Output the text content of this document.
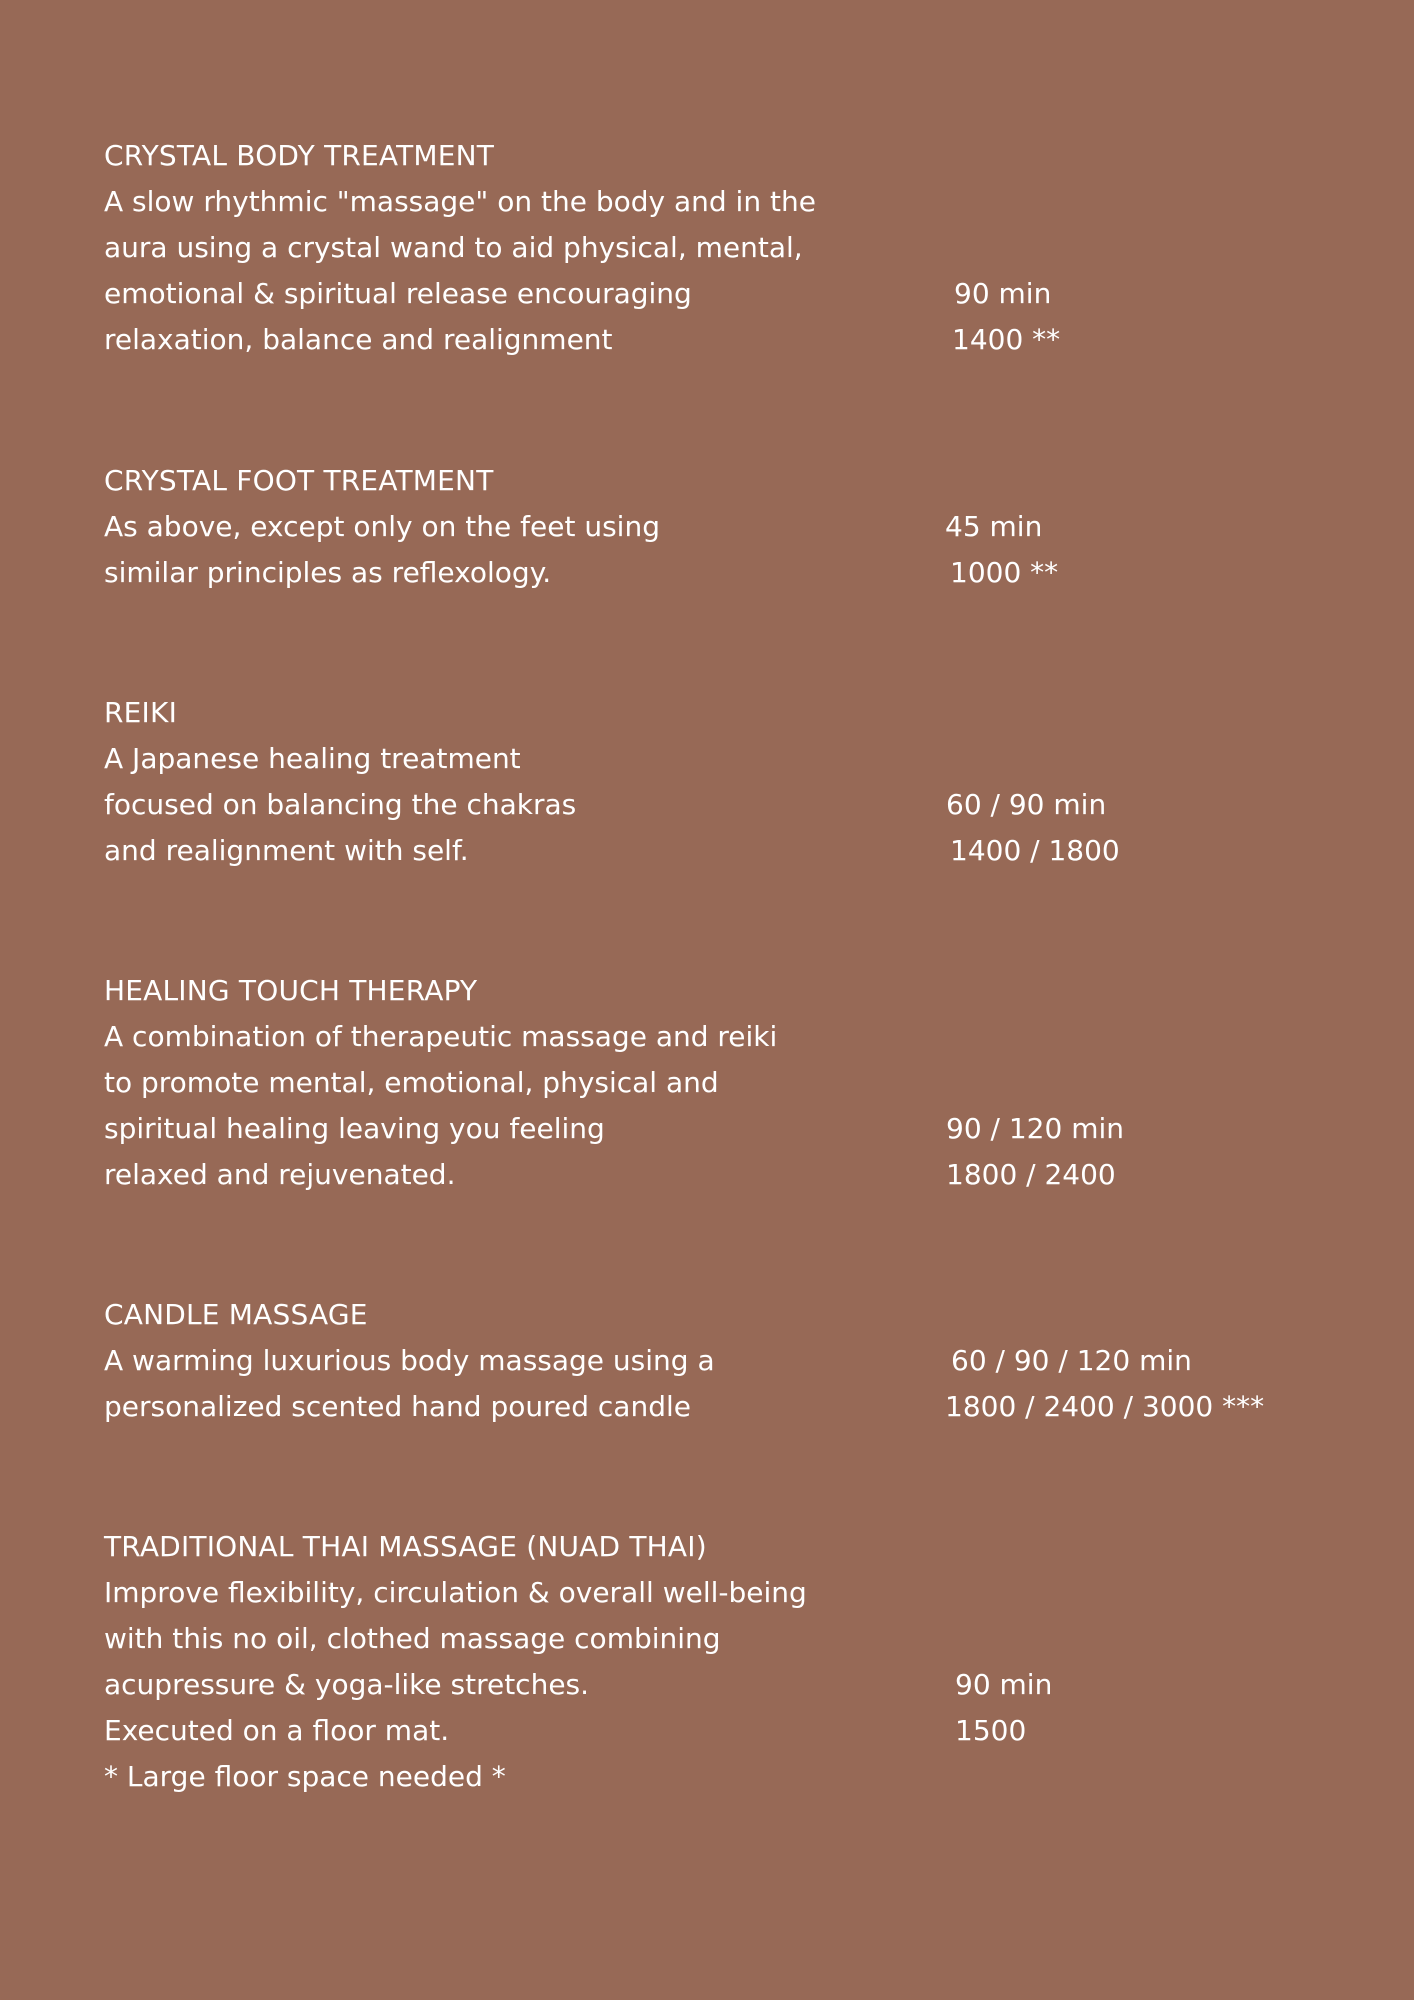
CRYSTAL BODY TREATMENT
A slow rhythmic "massage" on the body and in the
aura using a crystal wand to aid physical, mental,
emotional & spiritual release encouraging
relaxation, balance and realignment
90 min
1400 **
CRYSTAL FOOT TREATMENT
As above, except only on the feet using
similar principles as reflexology.
45 min
1000 **
REIKI
A Japanese healing treatment
focused on balancing the chakras
and realignment with self.
60 / 90 min
1400 / 1800
HEALING TOUCH THERAPY
A combination of therapeutic massage and reiki
to promote mental, emotional, physical and
spiritual healing leaving you feeling
relaxed and rejuvenated.
90 / 120 min
1800 / 2400
CANDLE MASSAGE
A warming luxurious body massage using a
personalized scented hand poured candle
60 / 90 / 120 min
1800 / 2400 / 3000 ***
TRADITIONAL THAI MASSAGE (NUAD THAI)
Improve flexibility, circulation & overall well-being
with this no oil, clothed massage combining
acupressure & yoga-like stretches.
Executed on a floor mat.
* Large floor space needed *
90 min
1500
